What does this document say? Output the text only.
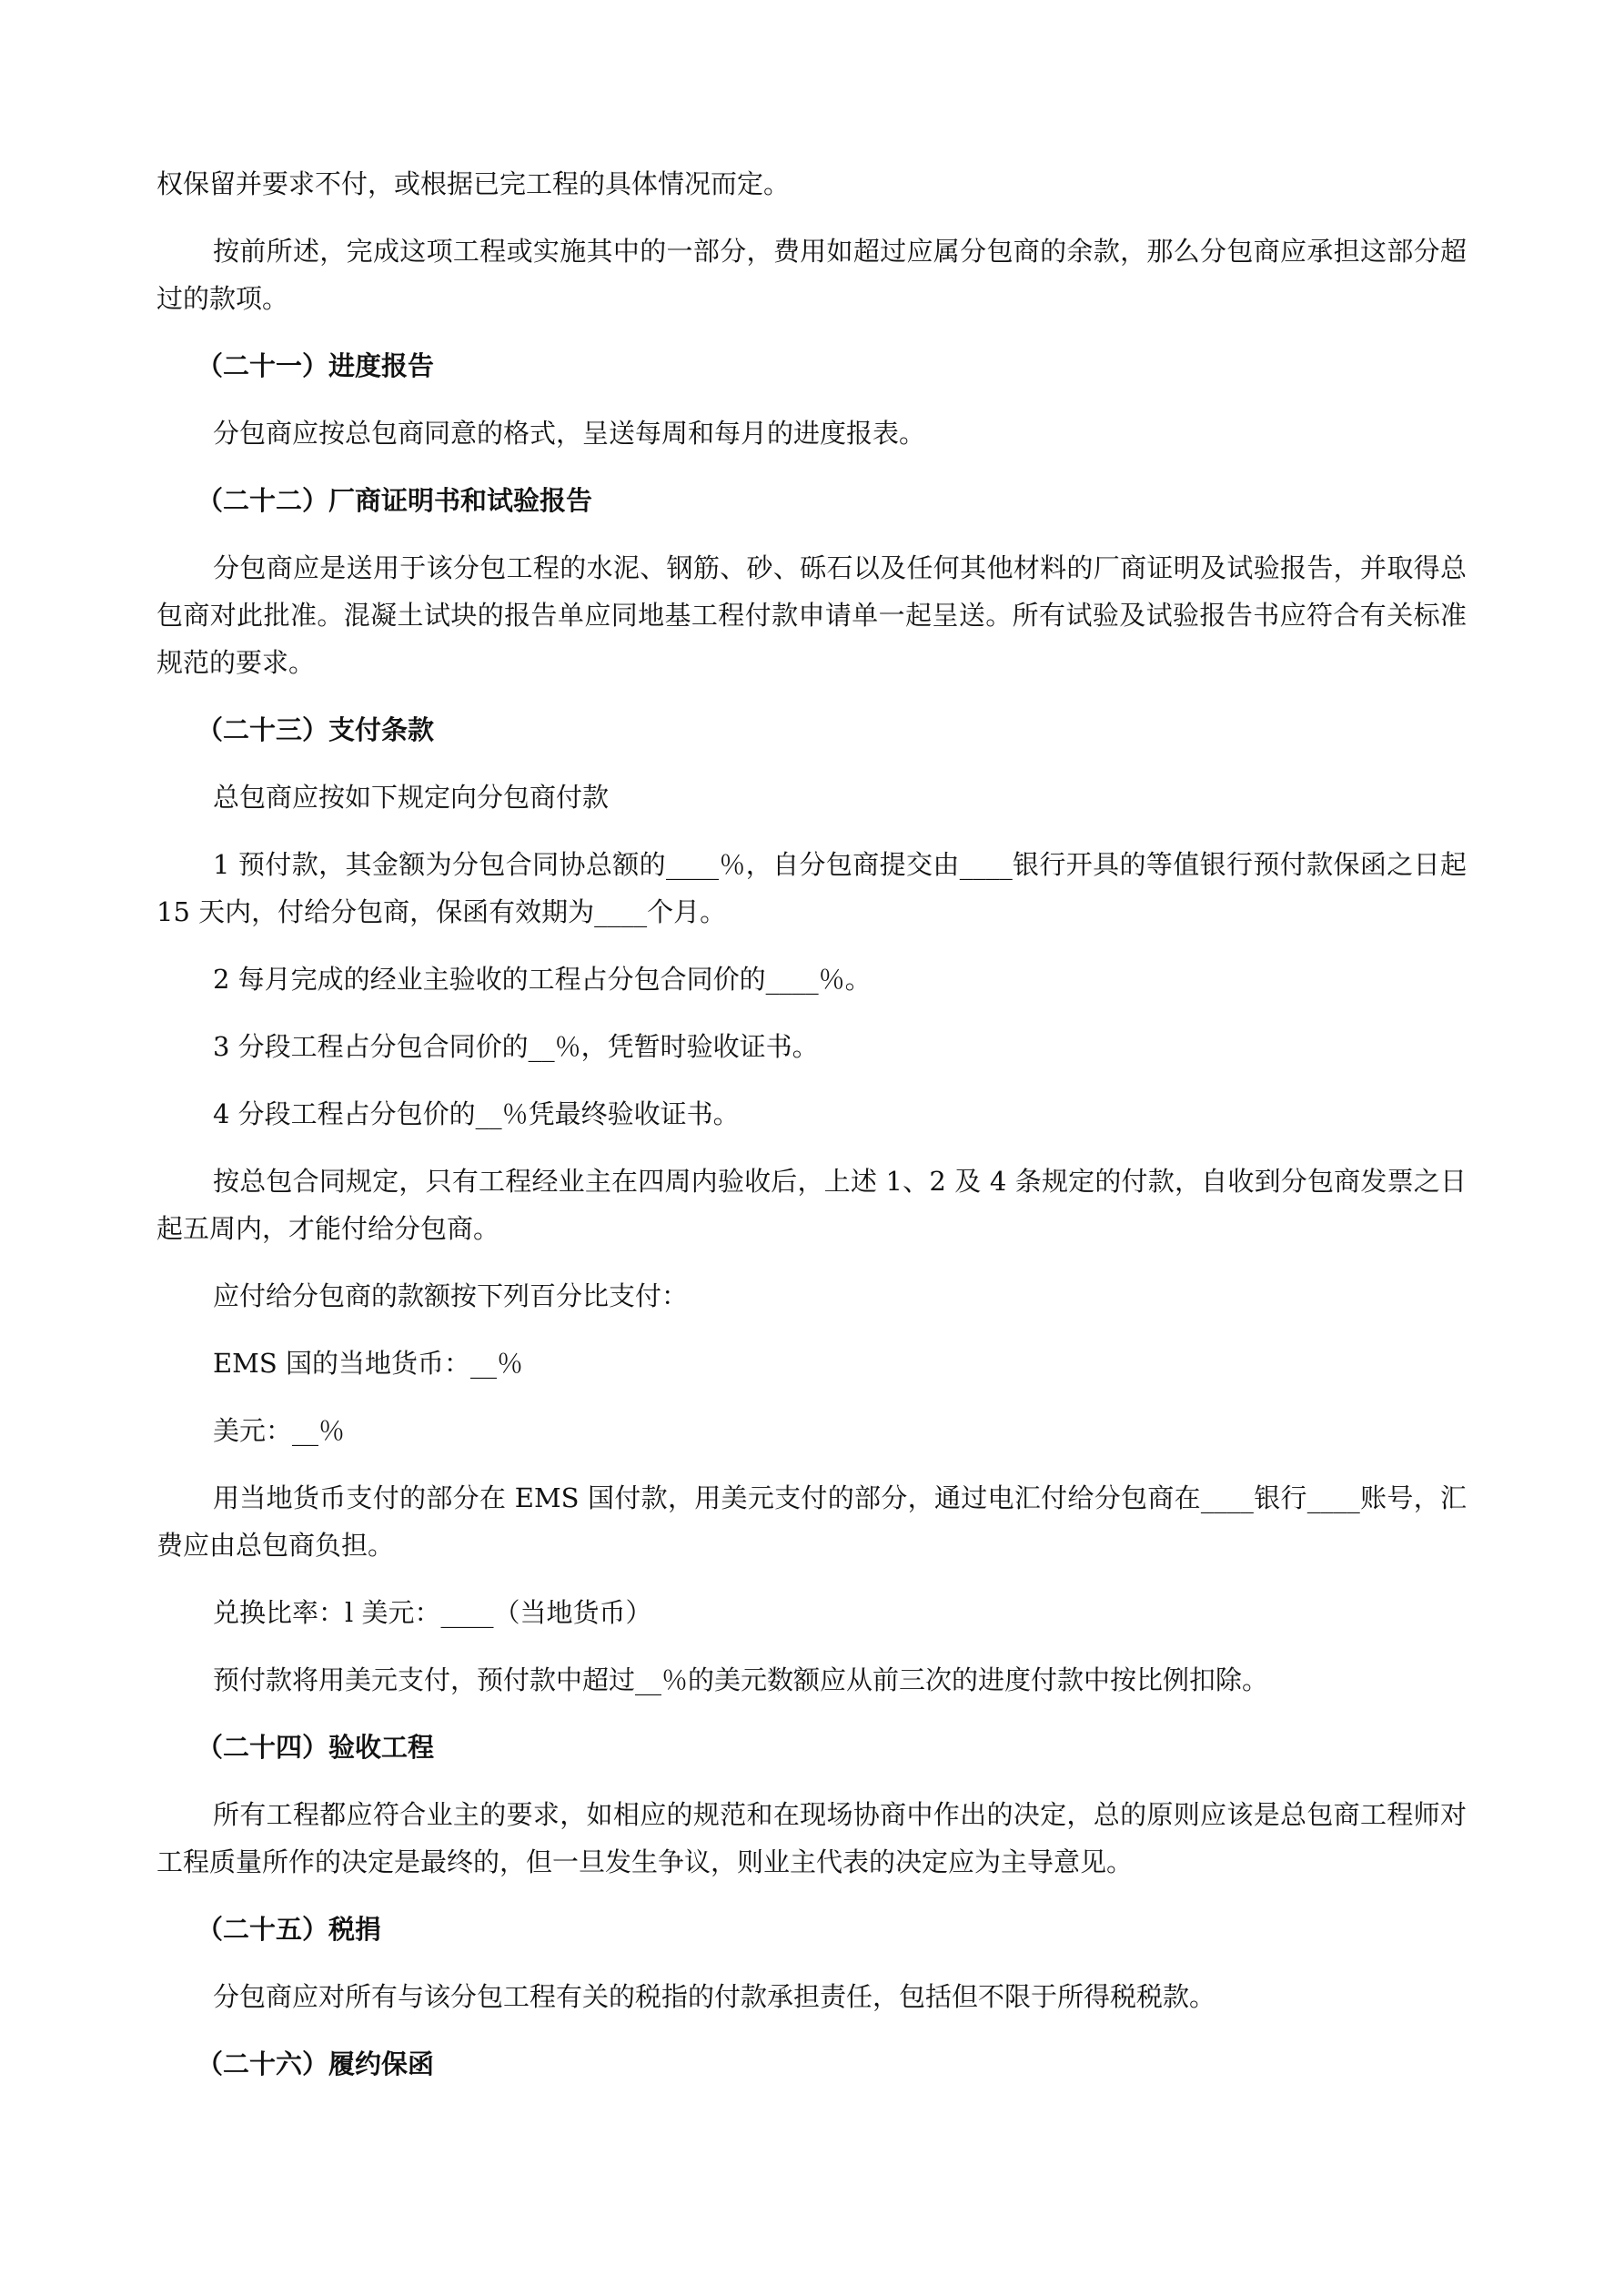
权保留并要求不付，或根据已完工程的具体情况而定。

按前所述，完成这项工程或实施其中的一部分，费用如超过应属分包商的余款，那么分包商应承担这部分超过的款项。

（二十一）进度报告

分包商应按总包商同意的格式，呈送每周和每月的进度报表。

（二十二）厂商证明书和试验报告

分包商应是送用于该分包工程的水泥、钢筋、砂、砾石以及任何其他材料的厂商证明及试验报告，并取得总包商对此批准。混凝土试块的报告单应同地基工程付款申请单一起呈送。所有试验及试验报告书应符合有关标准规范的要求。

（二十三）支付条款

总包商应按如下规定向分包商付款

1 预付款，其金额为分包合同协总额的____％，自分包商提交由____银行开具的等值银行预付款保函之日起 15 天内，付给分包商，保函有效期为____个月。

2 每月完成的经业主验收的工程占分包合同价的____％。

3 分段工程占分包合同价的__％，凭暂时验收证书。

4 分段工程占分包价的__％凭最终验收证书。

按总包合同规定，只有工程经业主在四周内验收后，上述 1、2 及 4 条规定的付款，自收到分包商发票之日起五周内，才能付给分包商。

应付给分包商的款额按下列百分比支付：

EMS 国的当地货币：__％

美元：__％

用当地货币支付的部分在 EMS 国付款，用美元支付的部分，通过电汇付给分包商在____银行____账号，汇费应由总包商负担。

兑换比率：l 美元：____（当地货币）

预付款将用美元支付，预付款中超过__％的美元数额应从前三次的进度付款中按比例扣除。

（二十四）验收工程

所有工程都应符合业主的要求，如相应的规范和在现场协商中作出的决定，总的原则应该是总包商工程师对工程质量所作的决定是最终的，但一旦发生争议，则业主代表的决定应为主导意见。

（二十五）税捐

分包商应对所有与该分包工程有关的税指的付款承担责任，包括但不限于所得税税款。

（二十六）履约保函
